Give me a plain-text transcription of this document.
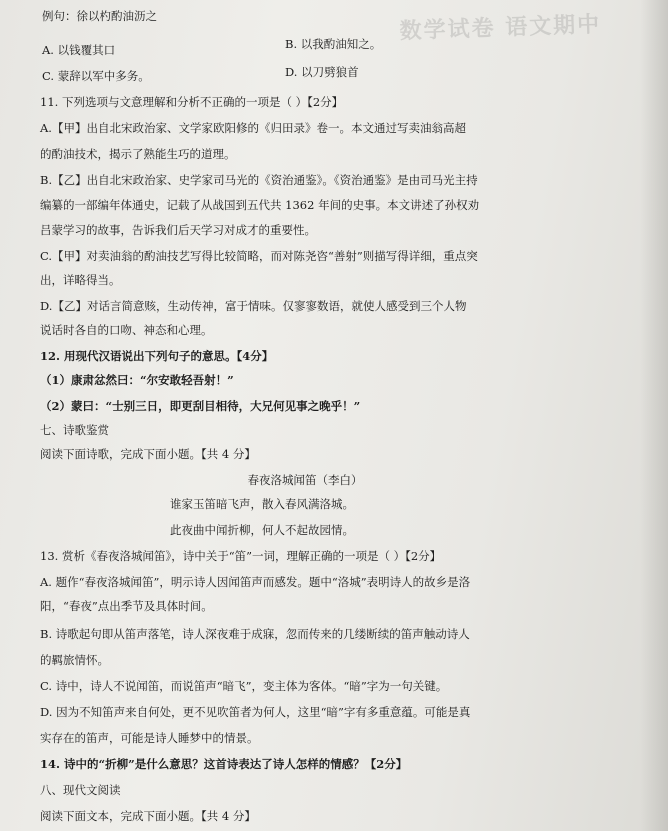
数学试卷 语文期中
例句：徐以杓酌油沥之
A. 以钱覆其口	B. 以我酌油知之。
C. 蒙辞以军中多务。	D. 以刀劈狼首
11. 下列选项与文意理解和分析不正确的一项是（ ）【2分】
A.【甲】出自北宋政治家、文学家欧阳修的《归田录》卷一。本文通过写卖油翁高超
的酌油技术，揭示了熟能生巧的道理。
B.【乙】出自北宋政治家、史学家司马光的《资治通鉴》。《资治通鉴》是由司马光主持
编纂的一部编年体通史，记载了从战国到五代共 1362 年间的史事。本文讲述了孙权劝
吕蒙学习的故事，告诉我们后天学习对成才的重要性。
C.【甲】对卖油翁的酌油技艺写得比较简略，而对陈尧咨“善射”则描写得详细，重点突
出，详略得当。
D.【乙】对话言简意赅，生动传神，富于情味。仅寥寥数语，就使人感受到三个人物
说话时各自的口吻、神态和心理。
12. 用现代汉语说出下列句子的意思。【4分】
（1）康肃忿然曰：“尔安敢轻吾射！”
（2）蒙曰：“士别三日，即更刮目相待，大兄何见事之晚乎！”
七、诗歌鉴赏
阅读下面诗歌，完成下面小题。【共 4 分】
春夜洛城闻笛（李白）
谁家玉笛暗飞声，散入春风满洛城。
此夜曲中闻折柳，何人不起故园情。
13. 赏析《春夜洛城闻笛》，诗中关于“笛”一词，理解正确的一项是（ ）【2分】
A. 题作“春夜洛城闻笛”，明示诗人因闻笛声而感发。题中“洛城”表明诗人的故乡是洛
阳，“春夜”点出季节及具体时间。
B. 诗歌起句即从笛声落笔，诗人深夜难于成寐，忽而传来的几缕断续的笛声触动诗人
的羁旅情怀。
C. 诗中，诗人不说闻笛，而说笛声“暗飞”，变主体为客体。“暗”字为一句关键。
D. 因为不知笛声来自何处，更不见吹笛者为何人，这里“暗”字有多重意蕴。可能是真
实存在的笛声，可能是诗人睡梦中的情景。
14. 诗中的“折柳”是什么意思？这首诗表达了诗人怎样的情感？【2分】
八、现代文阅读
阅读下面文本，完成下面小题。【共 4 分】
